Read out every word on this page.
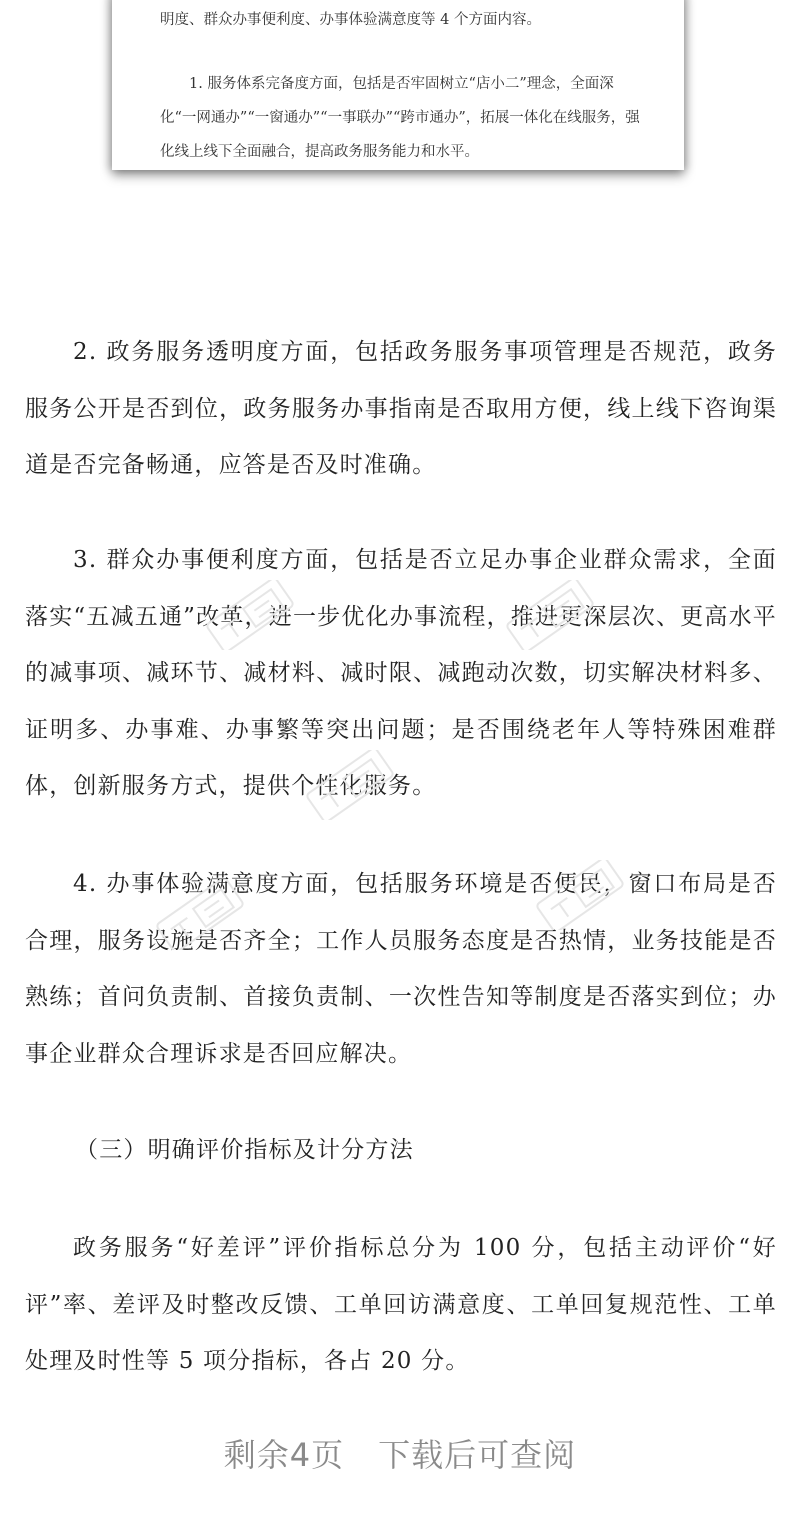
明度、群众办事便利度、办事体验满意度等 4 个方面内容。

1. 服务体系完备度方面，包括是否牢固树立“店小二”理念，全面深化“一网通办”“一窗通办”“一事联办”“跨市通办”，拓展一体化在线服务，强化线上线下全面融合，提高政务服务能力和水平。

2. 政务服务透明度方面，包括政务服务事项管理是否规范，政务服务公开是否到位，政务服务办事指南是否取用方便，线上线下咨询渠道是否完备畅通，应答是否及时准确。

3. 群众办事便利度方面，包括是否立足办事企业群众需求，全面落实“五减五通”改革，进一步优化办事流程，推进更深层次、更高水平的减事项、减环节、减材料、减时限、减跑动次数，切实解决材料多、证明多、办事难、办事繁等突出问题；是否围绕老年人等特殊困难群体，创新服务方式，提供个性化服务。

4. 办事体验满意度方面，包括服务环境是否便民，窗口布局是否合理，服务设施是否齐全；工作人员服务态度是否热情，业务技能是否熟练；首问负责制、首接负责制、一次性告知等制度是否落实到位；办事企业群众合理诉求是否回应解决。

（三）明确评价指标及计分方法

政务服务“好差评”评价指标总分为 100 分，包括主动评价“好评”率、差评及时整改反馈、工单回访满意度、工单回复规范性、工单处理及时性等 5 项分指标，各占 20 分。

剩余4页 下载后可查阅
